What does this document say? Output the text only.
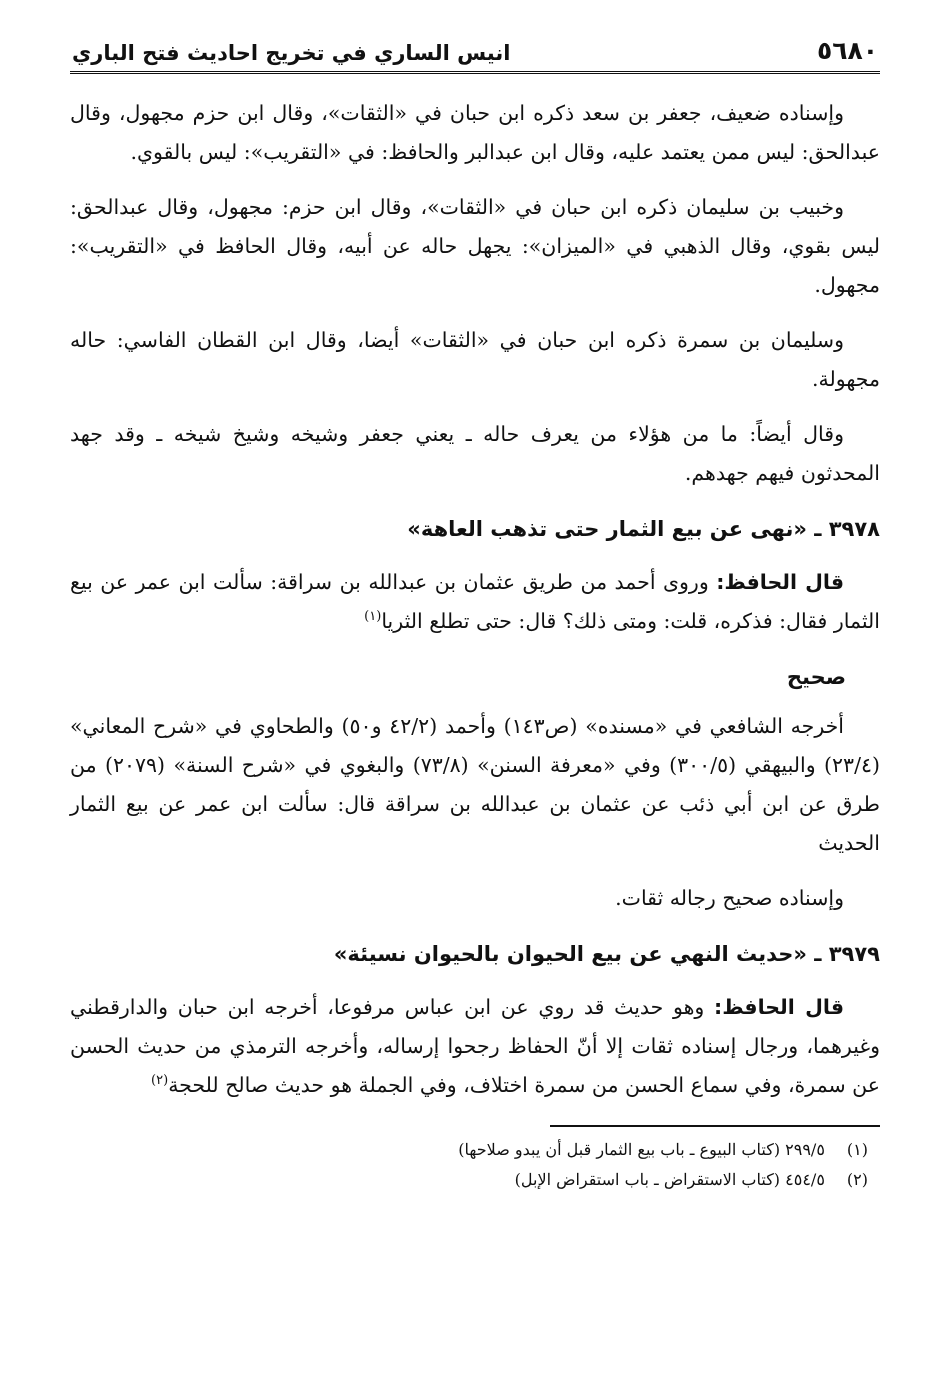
٥٦٨٠
انيس الساري في تخريج احاديث فتح الباري

وإسناده ضعيف، جعفر بن سعد ذكره ابن حبان في «الثقات»، وقال ابن حزم مجهول، وقال عبدالحق: ليس ممن يعتمد عليه، وقال ابن عبدالبر والحافظ: في «التقريب»: ليس بالقوي.

وخبيب بن سليمان ذكره ابن حبان في «الثقات»، وقال ابن حزم: مجهول، وقال عبدالحق: ليس بقوي، وقال الذهبي في «الميزان»: يجهل حاله عن أبيه، وقال الحافظ في «التقريب»: مجهول.

وسليمان بن سمرة ذكره ابن حبان في «الثقات» أيضا، وقال ابن القطان الفاسي: حاله مجهولة.

وقال أيضاً: ما من هؤلاء من يعرف حاله ـ يعني جعفر وشيخه وشيخ شيخه ـ وقد جهد المحدثون فيهم جهدهم.

٣٩٧٨ ـ «نهى عن بيع الثمار حتى تذهب العاهة»

قال الحافظ: وروى أحمد من طريق عثمان بن عبدالله بن سراقة: سألت ابن عمر عن بيع الثمار فقال: فذكره، قلت: ومتى ذلك؟ قال: حتى تطلع الثريا$^{(١)}$

صحيح

أخرجه الشافعي في «مسنده» (ص١٤٣) وأحمد (٤٢/٢ و٥٠) والطحاوي في «شرح المعاني» (٢٣/٤) والبيهقي (٣٠٠/٥) وفي «معرفة السنن» (٧٣/٨) والبغوي في «شرح السنة» (٢٠٧٩) من طرق عن ابن أبي ذئب عن عثمان بن عبدالله بن سراقة قال: سألت ابن عمر عن بيع الثمار الحديث

وإسناده صحيح رجاله ثقات.

٣٩٧٩ ـ «حديث النهي عن بيع الحيوان بالحيوان نسيئة»

قال الحافظ: وهو حديث قد روي عن ابن عباس مرفوعا، أخرجه ابن حبان والدارقطني وغيرهما، ورجال إسناده ثقات إلا أنّ الحفاظ رجحوا إرساله، وأخرجه الترمذي من حديث الحسن عن سمرة، وفي سماع الحسن من سمرة اختلاف، وفي الجملة هو حديث صالح للحجة$^{(٢)}$

(١)
٢٩٩/٥ (كتاب البيوع ـ باب بيع الثمار قبل أن يبدو صلاحها)
(٢)
٤٥٤/٥ (كتاب الاستقراض ـ باب استقراض الإبل)
